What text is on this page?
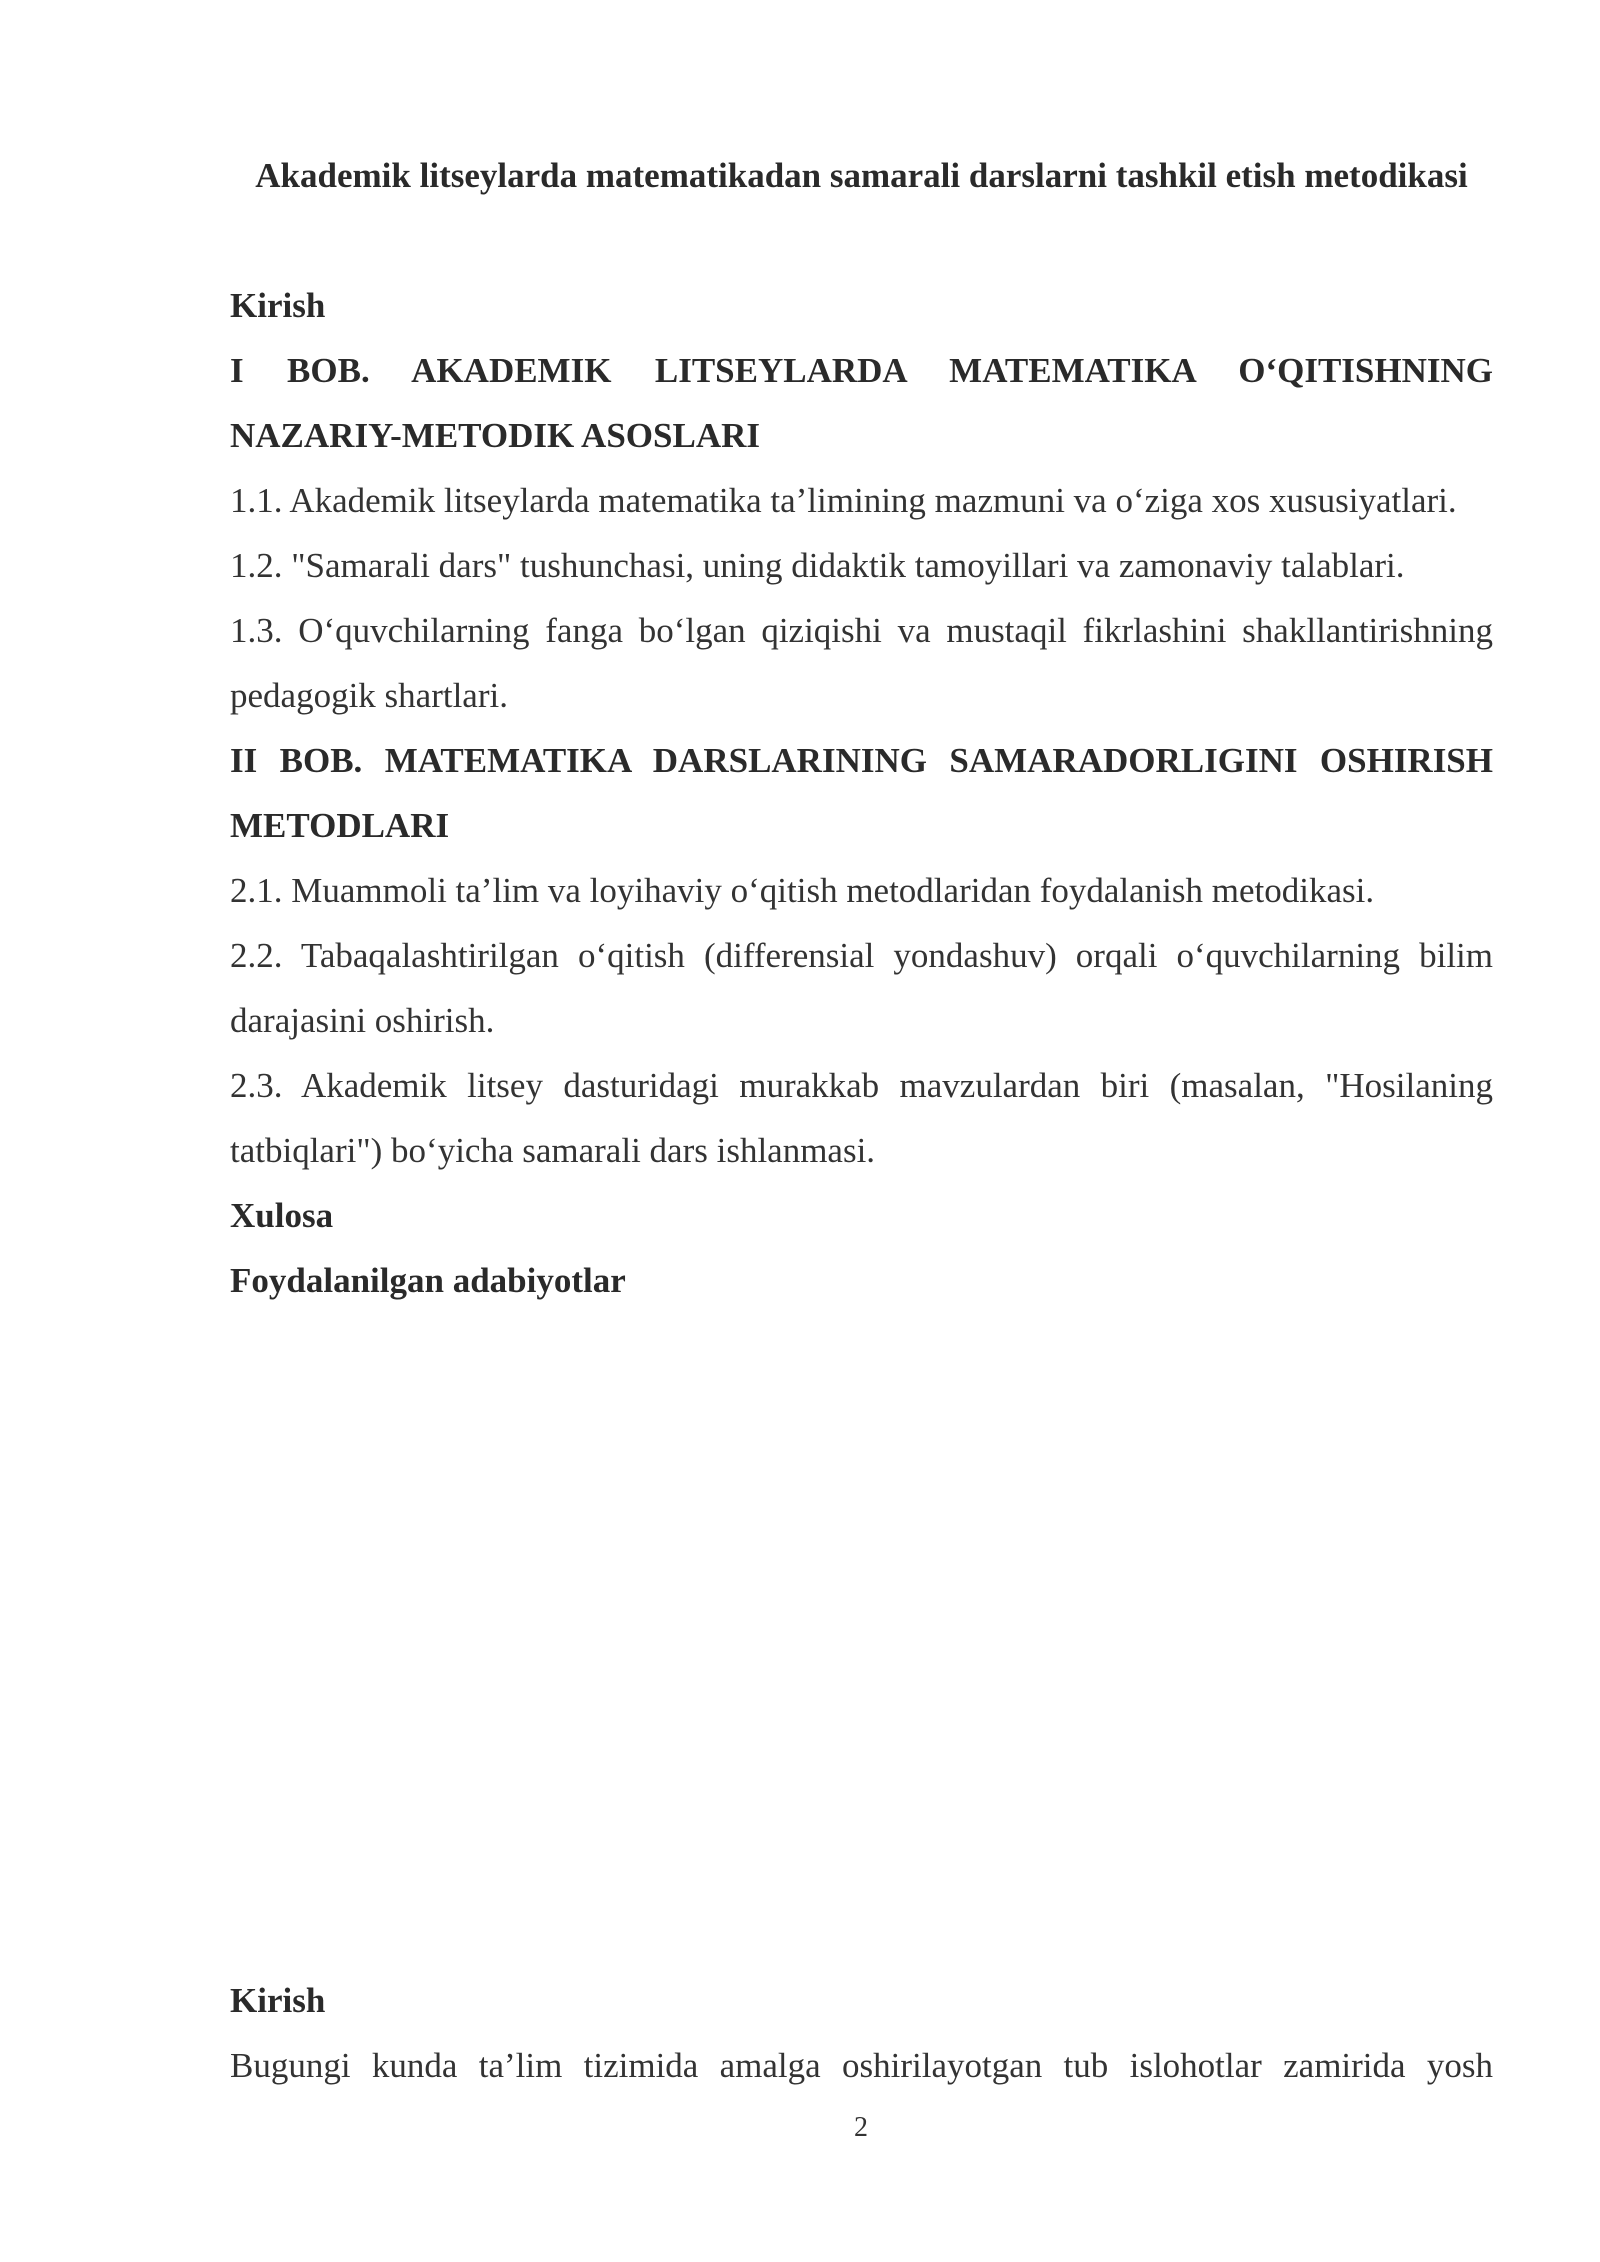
Akademik litseylarda matematikadan samarali darslarni tashkil etish metodikasi

Kirish

I BOB. AKADEMIK LITSEYLARDA MATEMATIKA O‘QITISHNING NAZARIY-METODIK ASOSLARI

1.1. Akademik litseylarda matematika ta’limining mazmuni va o‘ziga xos xususiyatlari.

1.2. "Samarali dars" tushunchasi, uning didaktik tamoyillari va zamonaviy talablari.

1.3. O‘quvchilarning fanga bo‘lgan qiziqishi va mustaqil fikrlashini shakllantirishning pedagogik shartlari.

II BOB. MATEMATIKA DARSLARINING SAMARADORLIGINI OSHIRISH METODLARI

2.1. Muammoli ta’lim va loyihaviy o‘qitish metodlaridan foydalanish metodikasi.

2.2. Tabaqalashtirilgan o‘qitish (differensial yondashuv) orqali o‘quvchilarning bilim darajasini oshirish.

2.3. Akademik litsey dasturidagi murakkab mavzulardan biri (masalan, "Hosilaning tatbiqlari") bo‘yicha samarali dars ishlanmasi.

Xulosa

Foydalanilgan adabiyotlar

Kirish

Bugungi kunda ta’lim tizimida amalga oshirilayotgan tub islohotlar zamirida yosh

2
